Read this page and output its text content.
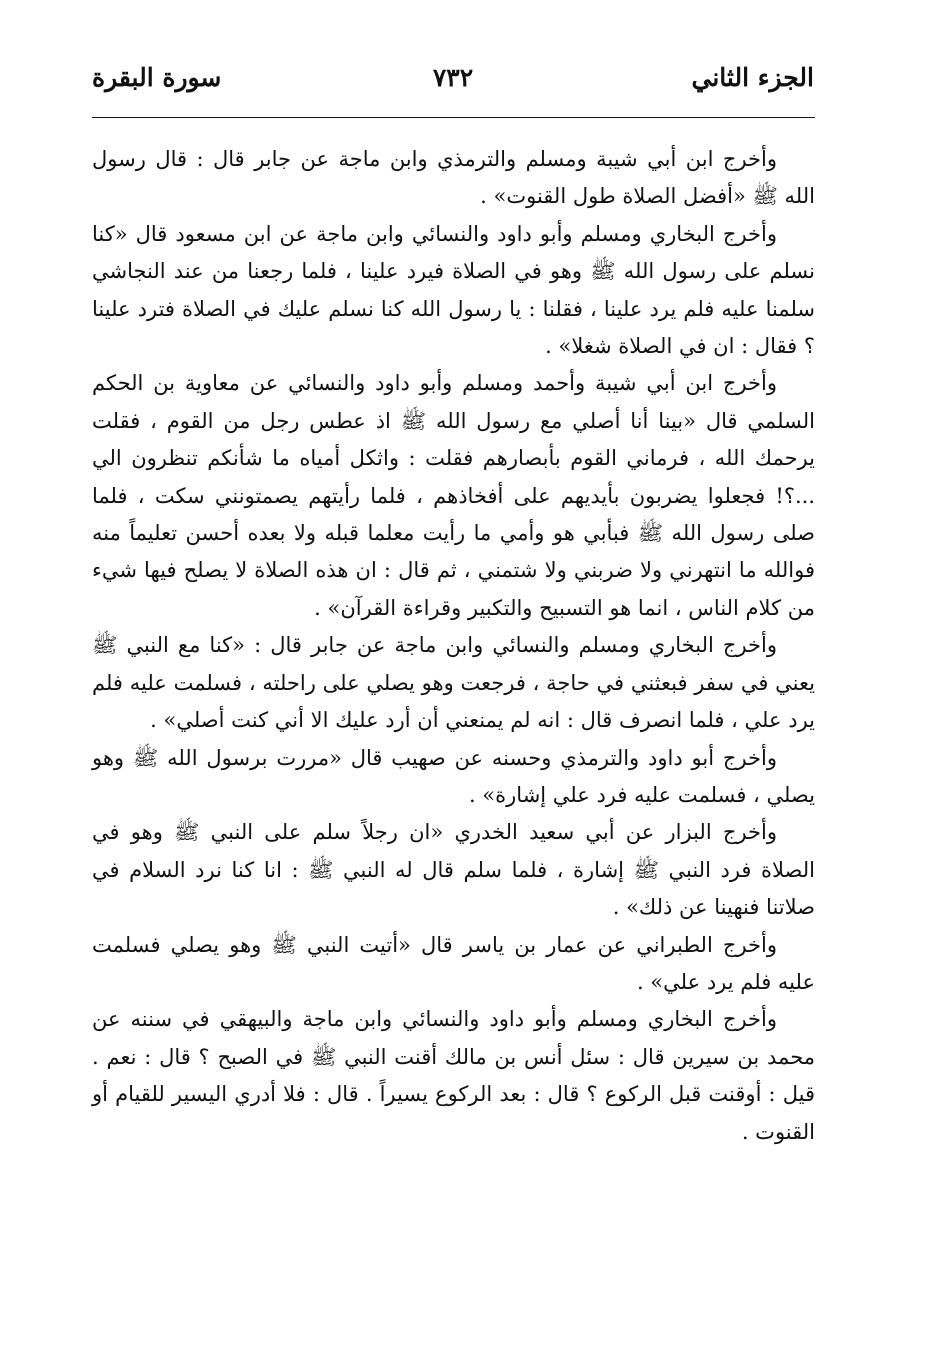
الجزء الثاني
٧٣٢
سورة البقرة

وأخرج ابن أبي شيبة ومسلم والترمذي وابن ماجة عن جابر قال : قال رسول الله ﷺ «أفضل الصلاة طول القنوت» .

وأخرج البخاري ومسلم وأبو داود والنسائي وابن ماجة عن ابن مسعود قال «كنا نسلم على رسول الله ﷺ وهو في الصلاة فيرد علينا ، فلما رجعنا من عند النجاشي سلمنا عليه فلم يرد علينا ، فقلنا : يا رسول الله كنا نسلم عليك في الصلاة فترد علينا ؟ فقال : ان في الصلاة شغلا» .

وأخرج ابن أبي شيبة وأحمد ومسلم وأبو داود والنسائي عن معاوية بن الحكم السلمي قال «بينا أنا أصلي مع رسول الله ﷺ اذ عطس رجل من القوم ، فقلت يرحمك الله ، فرماني القوم بأبصارهم فقلت : واثكل أمياه ما شأنكم تنظرون الي ...؟! فجعلوا يضربون بأيديهم على أفخاذهم ، فلما رأيتهم يصمتونني سكت ، فلما صلى رسول الله ﷺ فبأبي هو وأمي ما رأيت معلما قبله ولا بعده أحسن تعليماً منه فوالله ما انتهرني ولا ضربني ولا شتمني ، ثم قال : ان هذه الصلاة لا يصلح فيها شيء من كلام الناس ، انما هو التسبيح والتكبير وقراءة القرآن» .

وأخرج البخاري ومسلم والنسائي وابن ماجة عن جابر قال : «كنا مع النبي ﷺ يعني في سفر فبعثني في حاجة ، فرجعت وهو يصلي على راحلته ، فسلمت عليه فلم يرد علي ، فلما انصرف قال : انه لم يمنعني أن أرد عليك الا أني كنت أصلي» .

وأخرج أبو داود والترمذي وحسنه عن صهيب قال «مررت برسول الله ﷺ وهو يصلي ، فسلمت عليه فرد علي إشارة» .

وأخرج البزار عن أبي سعيد الخدري «ان رجلاً سلم على النبي ﷺ وهو في الصلاة فرد النبي ﷺ إشارة ، فلما سلم قال له النبي ﷺ : انا كنا نرد السلام في صلاتنا فنهينا عن ذلك» .

وأخرج الطبراني عن عمار بن ياسر قال «أتيت النبي ﷺ وهو يصلي فسلمت عليه فلم يرد علي» .

وأخرج البخاري ومسلم وأبو داود والنسائي وابن ماجة والبيهقي في سننه عن محمد بن سيرين قال : سئل أنس بن مالك أقنت النبي ﷺ في الصبح ؟ قال : نعم . قيل : أوقنت قبل الركوع ؟ قال : بعد الركوع يسيراً . قال : فلا أدري اليسير للقيام أو القنوت .
